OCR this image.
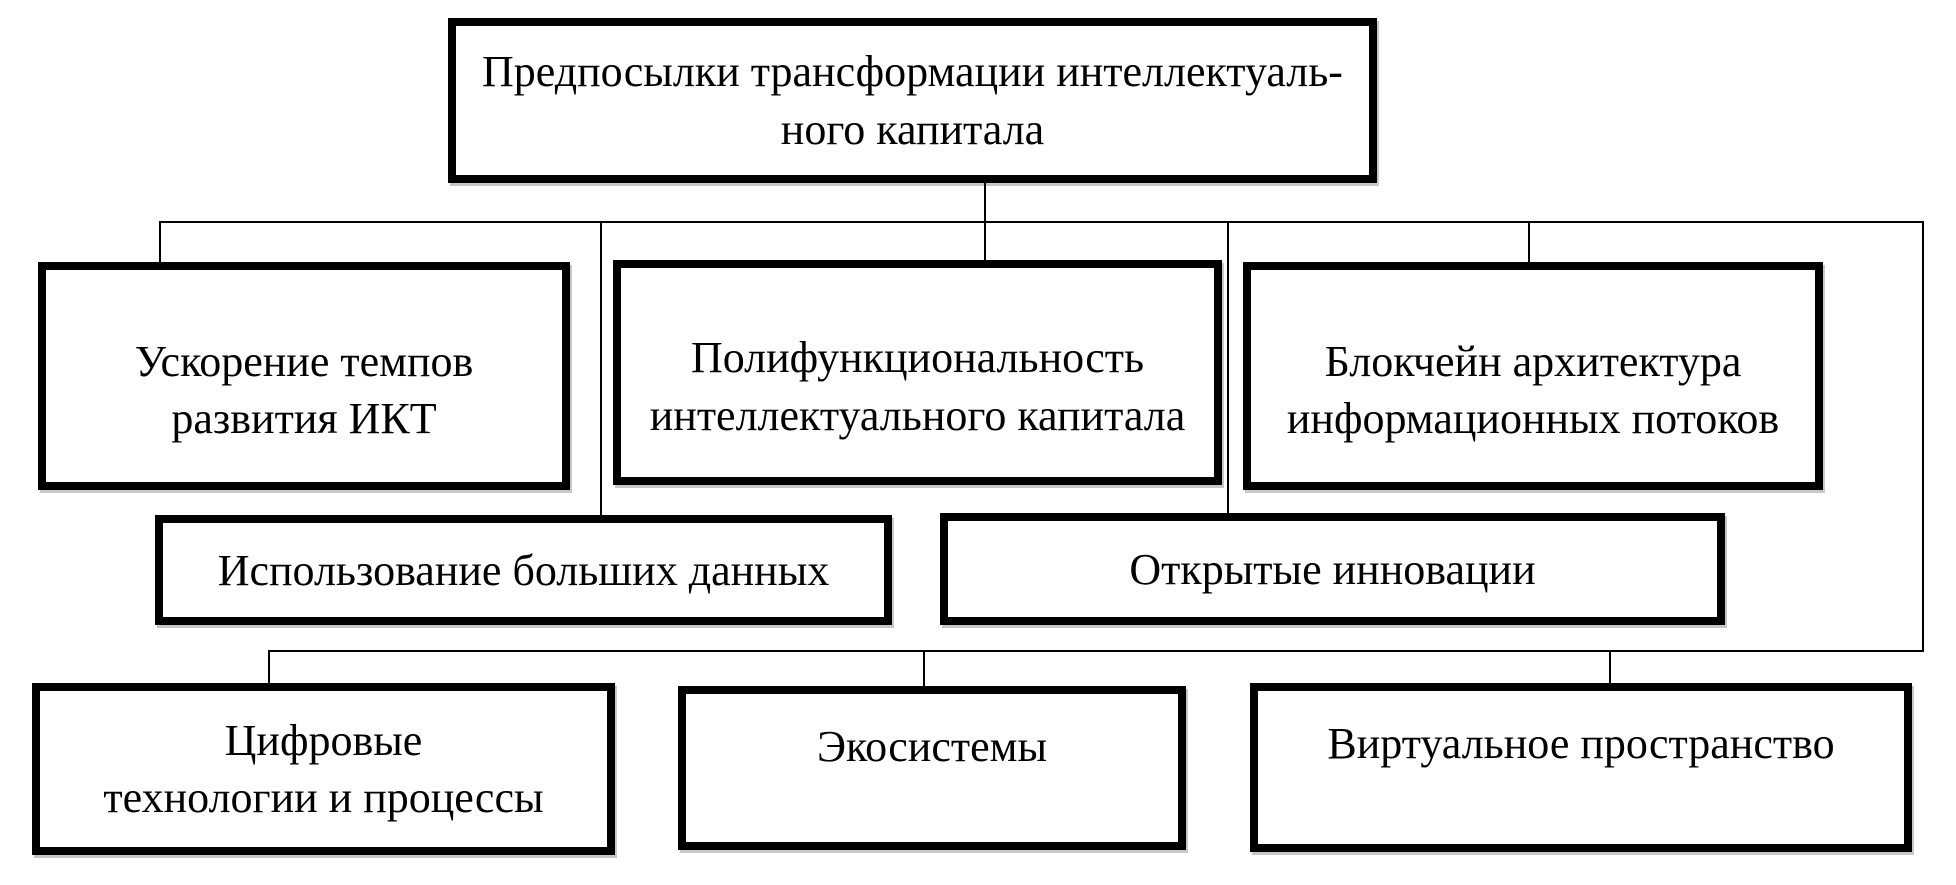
Предпосылки трансформации интеллектуаль-
ного капитала
Ускорение темпов
развития ИКТ
Полифункциональность
интеллектуального капитала
Блокчейн архитектура
информационных потоков
Использование больших данных	Открытые инновации
Цифровые
технологии и процессы
Экосистемы	Виртуальное пространство
